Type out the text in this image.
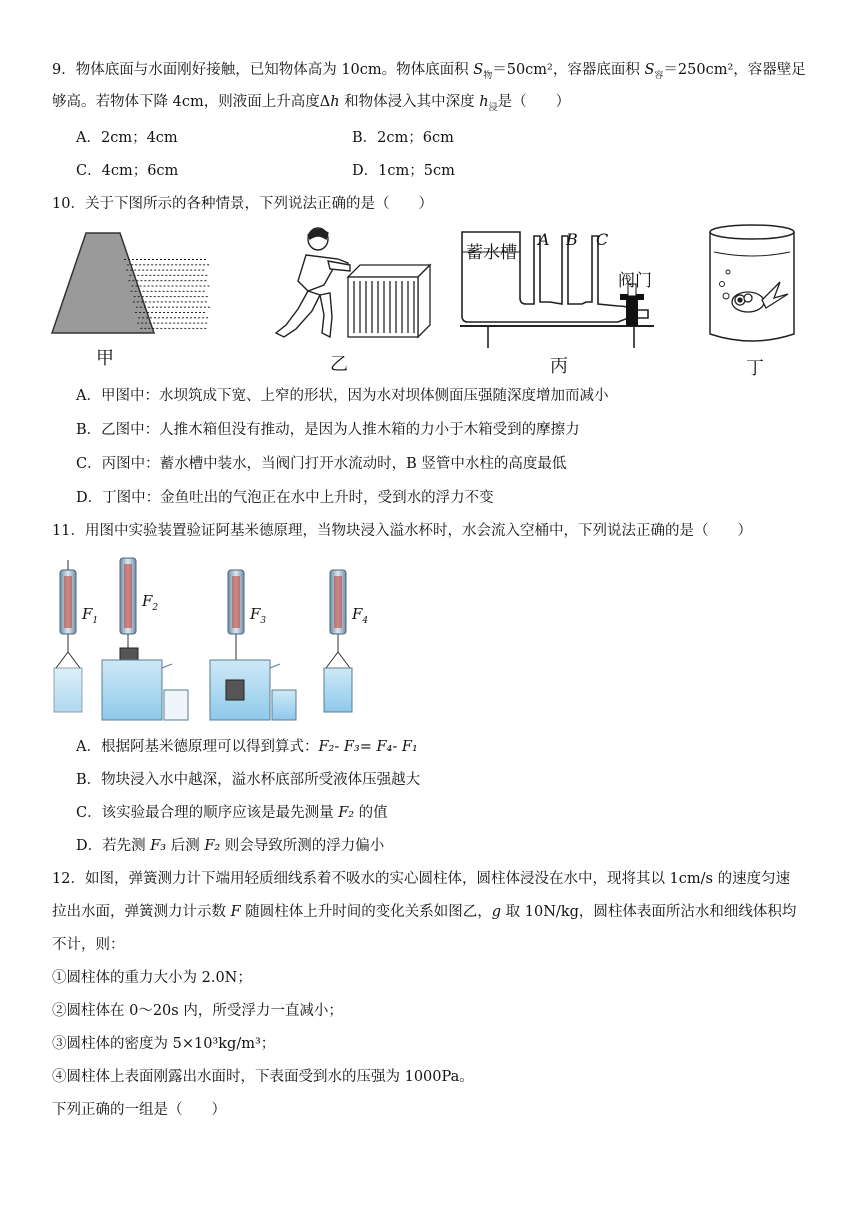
9．物体底面与水面刚好接触，已知物体高为 10cm。物体底面积 $S_物=50cm^2$，容器底面积 $S_容=250cm^2$，容器壁足
够高。若物体下降 4cm，则液面上升高度Δh 和物体浸入其中深度 $h_浸$是（　　）
A．2cm；4cm	B．2cm；6cm
C．4cm；6cm	D．1cm；5cm
10．关于下图所示的各种情景，下列说法正确的是（　　）
甲	乙
蓄水槽
A B C
阀门
丙	丁
A．甲图中：水坝筑成下宽、上窄的形状，因为水对坝体侧面压强随深度增加而减小
B．乙图中：人推木箱但没有推动，是因为人推木箱的力小于木箱受到的摩擦力
C．丙图中：蓄水槽中装水，当阀门打开水流动时，B 竖管中水柱的高度最低
D．丁图中：金鱼吐出的气泡正在水中上升时，受到水的浮力不变
11．用图中实验装置验证阿基米德原理，当物块浸入溢水杯时，水会流入空桶中，下列说法正确的是（　　）
$F_1$
$F_2$	$F_3$	$F_4$
A．根据阿基米德原理可以得到算式：F₂- F₃= F₄- F₁
B．物块浸入水中越深，溢水杯底部所受液体压强越大
C．该实验最合理的顺序应该是最先测量 F₂ 的值
D．若先测 F₃ 后测 F₂ 则会导致所测的浮力偏小
12．如图，弹簧测力计下端用轻质细线系着不吸水的实心圆柱体，圆柱体浸没在水中，现将其以 1cm/s 的速度匀速
拉出水面，弹簧测力计示数 F 随圆柱体上升时间的变化关系如图乙，g 取 10N/kg，圆柱体表面所沾水和细线体积均
不计，则：
①圆柱体的重力大小为 2.0N；
②圆柱体在 0～20s 内，所受浮力一直减小；
③圆柱体的密度为 5×10³kg/m³；
④圆柱体上表面刚露出水面时，下表面受到水的压强为 1000Pa。
下列正确的一组是（　　）
